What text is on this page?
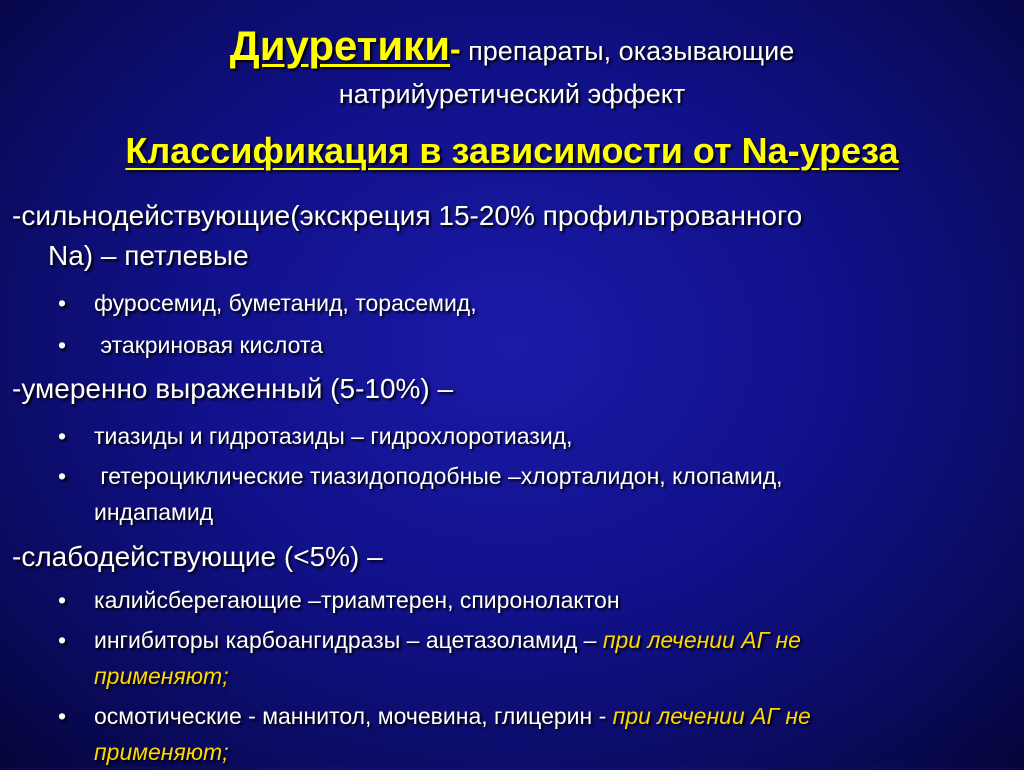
Диуретики- препараты, оказывающие
натрийуретический эффект
Классификация в зависимости от Na-уреза
-сильнодействующие(экскреция 15-20% профильтрованного
Na) – петлевые
• фуросемид, буметанид, торасемид,
• этакриновая кислота
-умеренно выраженный (5-10%) –
• тиазиды и гидротазиды – гидрохлоротиазид,
• гетероциклические тиазидоподобные –хлорталидон, клопамид,
индапамид
-слабодействующие (<5%) –
• калийсберегающие –триамтерен, спиронолактон
• ингибиторы карбоангидразы – ацетазоламид – при лечении АГ не
применяют;
• осмотические - маннитол, мочевина, глицерин - при лечении АГ не
применяют;
